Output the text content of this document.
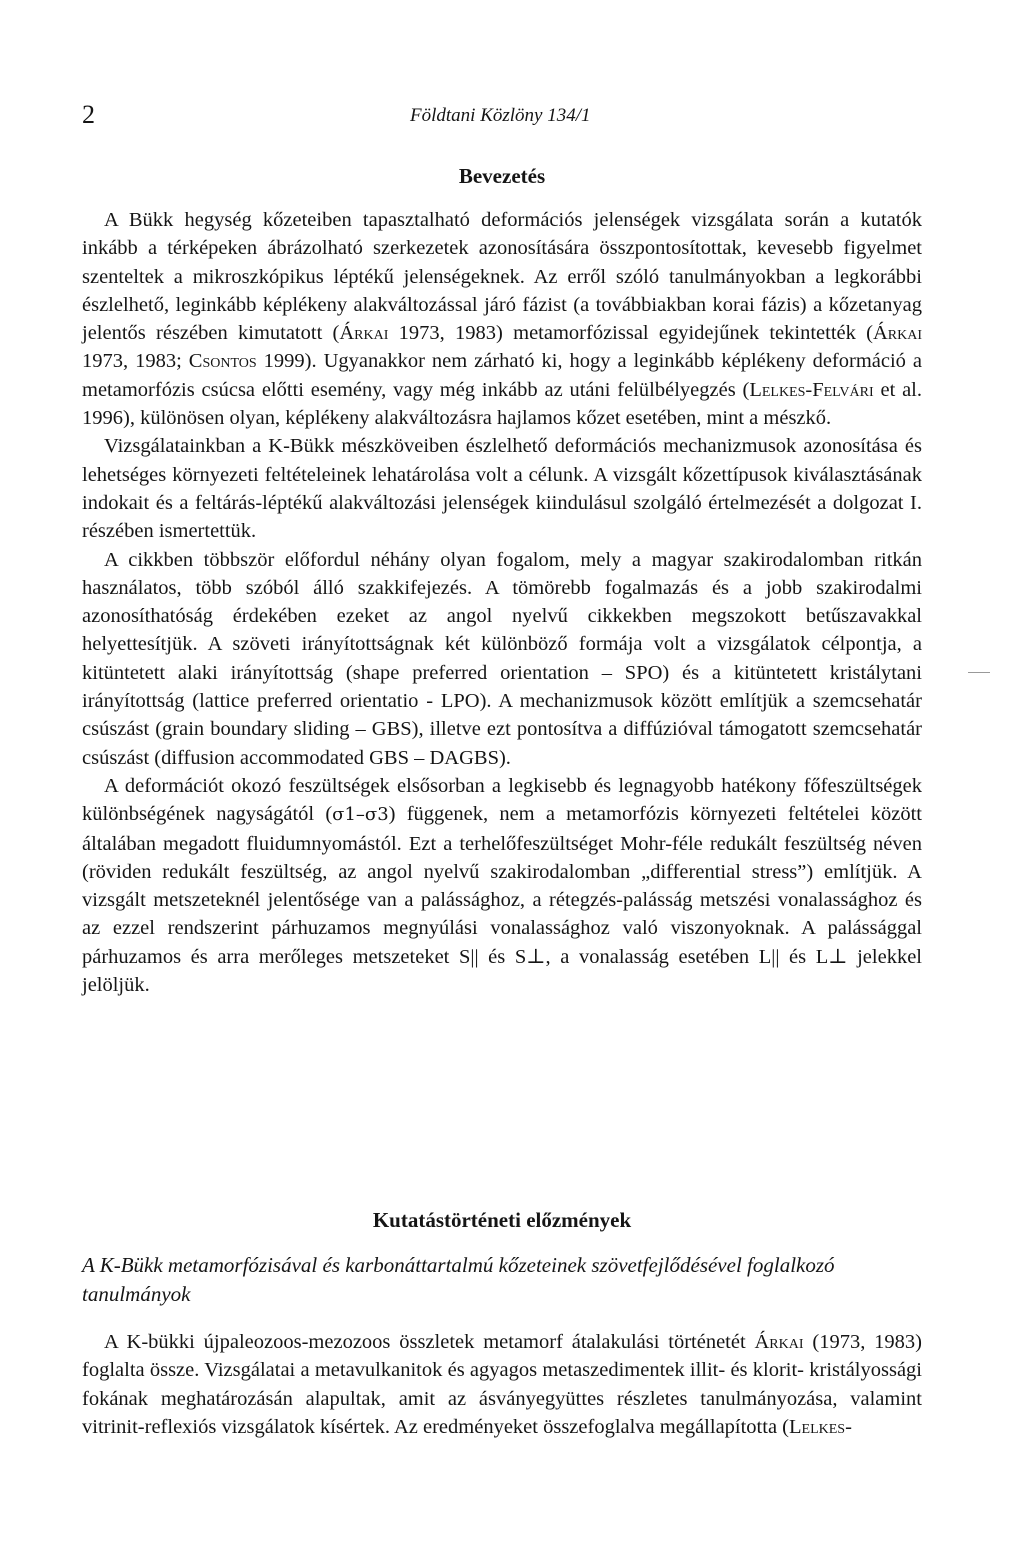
2	Földtani Közlöny 134/1
Bevezetés

A Bükk hegység kőzeteiben tapasztalható deformációs jelenségek vizsgálata során a kutatók inkább a térképeken ábrázolható szerkezetek azonosítására összpontosítottak, kevesebb figyelmet szenteltek a mikroszkópikus léptékű jelenségeknek. Az erről szóló tanulmányokban a legkorábbi észlelhető, leginkább képlékeny alakváltozással járó fázist (a továbbiakban korai fázis) a kőzetanyag jelentős részében kimutatott (Árkai 1973, 1983) metamorfózissal egyidejűnek tekintették (Árkai 1973, 1983; Csontos 1999). Ugyanakkor nem zárható ki, hogy a leginkább képlékeny deformáció a metamorfózis csúcsa előtti esemény, vagy még inkább az utáni felülbélyegzés (Lelkes-Felvári et al. 1996), különösen olyan, képlékeny alakváltozásra hajlamos kőzet esetében, mint a mészkő.

Vizsgálatainkban a K-Bükk mészköveiben észlelhető deformációs mechanizmusok azonosítása és lehetséges környezeti feltételeinek lehatárolása volt a célunk. A vizsgált kőzettípusok kiválasztásának indokait és a feltárás-léptékű alakváltozási jelenségek kiindulásul szolgáló értelmezését a dolgozat I. részében ismertettük.

A cikkben többször előfordul néhány olyan fogalom, mely a magyar szakirodalomban ritkán használatos, több szóból álló szakkifejezés. A tömörebb fogalmazás és a jobb szakirodalmi azonosíthatóság érdekében ezeket az angol nyelvű cikkekben megszokott betűszavakkal helyettesítjük. A szöveti irányítottságnak két különböző formája volt a vizsgálatok célpontja, a kitüntetett alaki irányítottság (shape preferred orientation – SPO) és a kitüntetett kristálytani irányítottság (lattice preferred orientatio - LPO). A mechanizmusok között említjük a szemcsehatár csúszást (grain boundary sliding – GBS), illetve ezt pontosítva a diffúzióval támogatott szemcsehatár csúszást (diffusion accommodated GBS – DAGBS).

A deformációt okozó feszültségek elsősorban a legkisebb és legnagyobb hatékony főfeszültségek különbségének nagyságától (σ1–σ3) függenek, nem a metamorfózis környezeti feltételei között általában megadott fluidumnyomástól. Ezt a terhelőfeszültséget Mohr-féle redukált feszültség néven (röviden redukált feszültség, az angol nyelvű szakirodalomban „differential stress”) említjük. A vizsgált metszeteknél jelentősége van a palássághoz, a rétegzés-palásság metszési vonalassághoz és az ezzel rendszerint párhuzamos megnyúlási vonalassághoz való viszonyoknak. A palássággal párhuzamos és arra merőleges metszeteket S|| és S⊥, a vonalasság esetében L|| és L⊥ jelekkel jelöljük.

Kutatástörténeti előzmények
A K-Bükk metamorfózisával és karbonáttartalmú kőzeteinek szövetfejlődésével foglalkozó tanulmányok

A K-bükki újpaleozoos-mezozoos összletek metamorf átalakulási történetét Árkai (1973, 1983) foglalta össze. Vizsgálatai a metavulkanitok és agyagos metaszedimentek illit- és klorit- kristályossági fokának meghatározásán alapultak, amit az ásványegyüttes részletes tanulmányozása, valamint vitrinit-reflexiós vizsgálatok kísértek. Az eredményeket összefoglalva megállapította (Lelkes-
